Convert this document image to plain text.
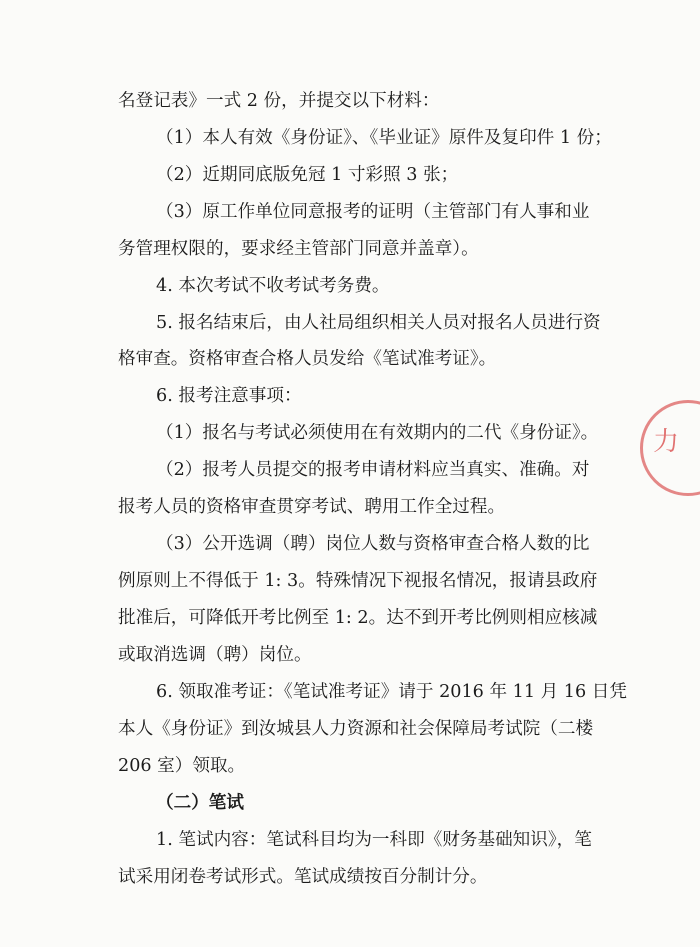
名登记表》一式 2 份，并提交以下材料：
（1）本人有效《身份证》、《毕业证》原件及复印件 1 份；
（2）近期同底版免冠 1 寸彩照 3 张；
（3）原工作单位同意报考的证明（主管部门有人事和业
务管理权限的，要求经主管部门同意并盖章）。
4. 本次考试不收考试考务费。
5. 报名结束后，由人社局组织相关人员对报名人员进行资
格审查。资格审查合格人员发给《笔试准考证》。
6. 报考注意事项：
（1）报名与考试必须使用在有效期内的二代《身份证》。
（2）报考人员提交的报考申请材料应当真实、准确。对
报考人员的资格审查贯穿考试、聘用工作全过程。
（3）公开选调（聘）岗位人数与资格审查合格人数的比
例原则上不得低于 1: 3。特殊情况下视报名情况，报请县政府
批准后，可降低开考比例至 1: 2。达不到开考比例则相应核减
或取消选调（聘）岗位。
6. 领取准考证：《笔试准考证》请于 2016 年 11 月 16 日凭
本人《身份证》到汝城县人力资源和社会保障局考试院（二楼
206 室）领取。
（二）笔试
1. 笔试内容：笔试科目均为一科即《财务基础知识》，笔
试采用闭卷考试形式。笔试成绩按百分制计分。
力
